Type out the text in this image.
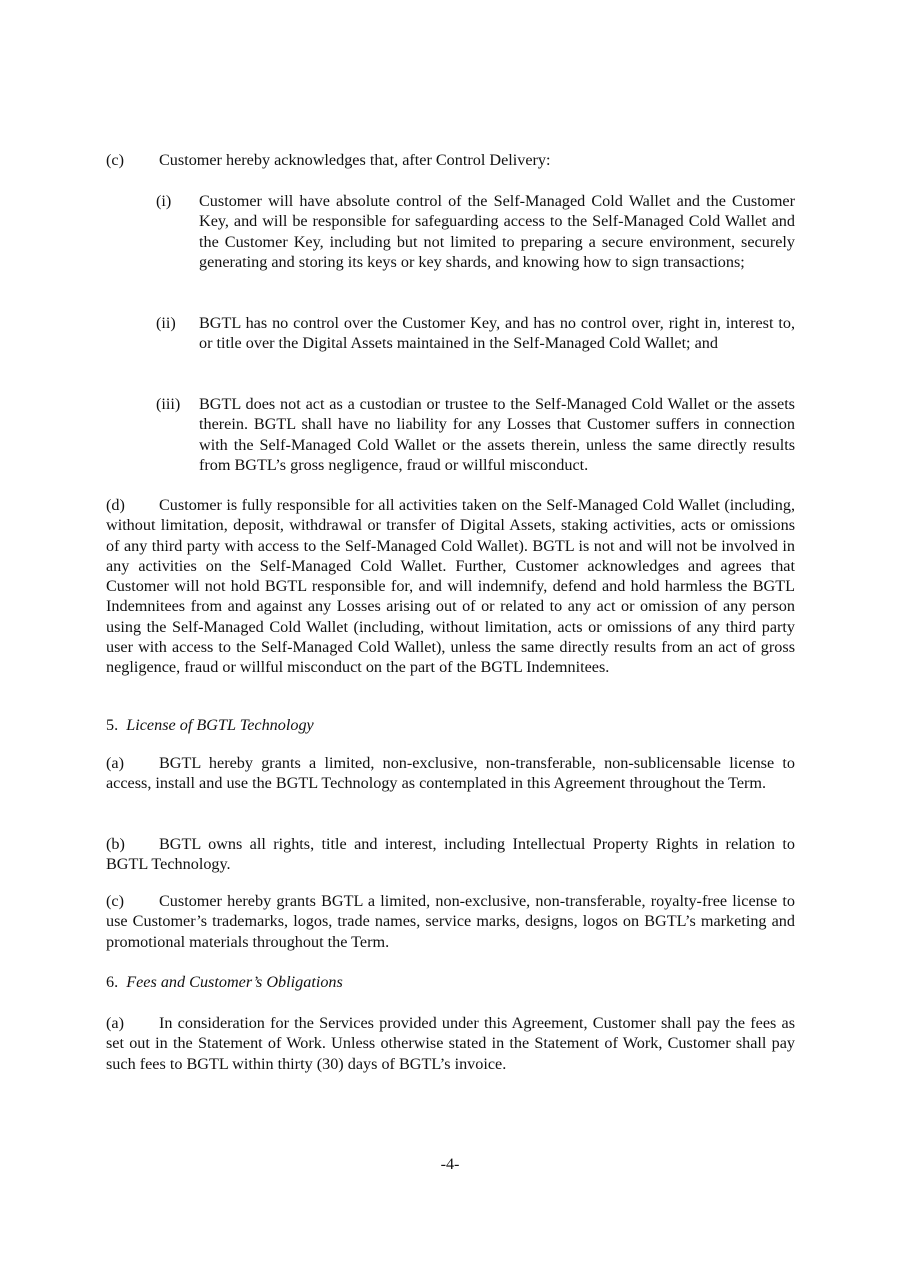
(c) Customer hereby acknowledges that, after Control Delivery:
(i) Customer will have absolute control of the Self-Managed Cold Wallet and the Customer Key, and will be responsible for safeguarding access to the Self-Managed Cold Wallet and the Customer Key, including but not limited to preparing a secure environment, securely generating and storing its keys or key shards, and knowing how to sign transactions;
(ii) BGTL has no control over the Customer Key, and has no control over, right in, interest to, or title over the Digital Assets maintained in the Self-Managed Cold Wallet; and
(iii) BGTL does not act as a custodian or trustee to the Self-Managed Cold Wallet or the assets therein. BGTL shall have no liability for any Losses that Customer suffers in connection with the Self-Managed Cold Wallet or the assets therein, unless the same directly results from BGTL’s gross negligence, fraud or willful misconduct.
(d) Customer is fully responsible for all activities taken on the Self-Managed Cold Wallet (including, without limitation, deposit, withdrawal or transfer of Digital Assets, staking activities, acts or omissions of any third party with access to the Self-Managed Cold Wallet). BGTL is not and will not be involved in any activities on the Self-Managed Cold Wallet. Further, Customer acknowledges and agrees that Customer will not hold BGTL responsible for, and will indemnify, defend and hold harmless the BGTL Indemnitees from and against any Losses arising out of or related to any act or omission of any person using the Self-Managed Cold Wallet (including, without limitation, acts or omissions of any third party user with access to the Self-Managed Cold Wallet), unless the same directly results from an act of gross negligence, fraud or willful misconduct on the part of the BGTL Indemnitees.
5. License of BGTL Technology
(a) BGTL hereby grants a limited, non-exclusive, non-transferable, non-sublicensable license to access, install and use the BGTL Technology as contemplated in this Agreement throughout the Term.
(b) BGTL owns all rights, title and interest, including Intellectual Property Rights in relation to BGTL Technology.
(c) Customer hereby grants BGTL a limited, non-exclusive, non-transferable, royalty-free license to use Customer’s trademarks, logos, trade names, service marks, designs, logos on BGTL’s marketing and promotional materials throughout the Term.
6. Fees and Customer’s Obligations
(a) In consideration for the Services provided under this Agreement, Customer shall pay the fees as set out in the Statement of Work. Unless otherwise stated in the Statement of Work, Customer shall pay such fees to BGTL within thirty (30) days of BGTL’s invoice.
-4-
